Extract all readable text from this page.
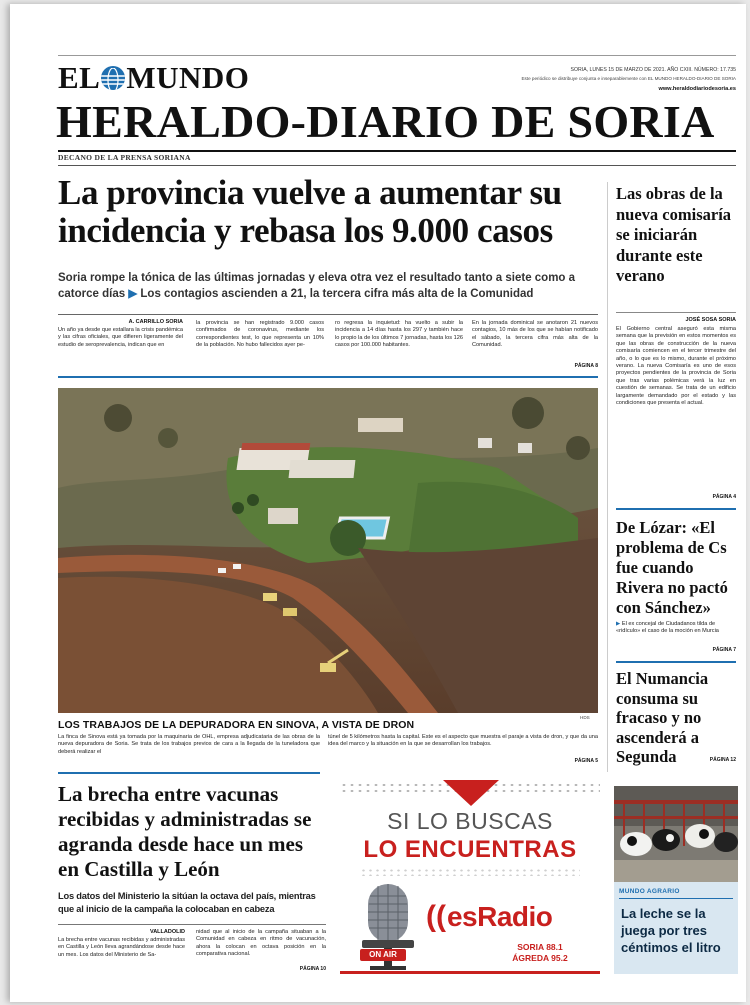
EL MUNDO	SORIA, LUNES 15 DE MARZO DE 2021. AÑO CXIII. NÚMERO: 17.735
Este periódico se distribuye conjunta e inseparablemente con EL MUNDO HERALDO-DIARIO DE SORIA
www.heraldodiariodesoria.es
HERALDO-DIARIO DE SORIA
DECANO DE LA PRENSA SORIANA
La provincia vuelve a aumentar su incidencia y rebasa los 9.000 casos
Soria rompe la tónica de las últimas jornadas y eleva otra vez el resultado tanto a siete como a catorce días ▶ Los contagios ascienden a 21, la tercera cifra más alta de la Comunidad
A. CARRILLO SORIA

Un año ya desde que estallara la crisis pandémica y las cifras oficiales, que difieren ligeramente del estudio de seroprevalencia, indican que en

la provincia se han registrado 9.000 casos confirmados de coronavirus, mediante los correspondientes test, lo que representa un 10% de la población. No hubo fallecidos ayer pe-

ro regresa la inquietud: ha vuelto a subir la incidencia a 14 días hasta los 297 y también hace lo propio la de los últimos 7 jornadas, hasta los 126 casos por 100.000 habitantes.

En la jornada dominical se anotaron 21 nuevos contagios, 10 más de los que se habían notificado el sábado, la tercera cifra más alta de la Comunidad.

PÁGINA 8
HDS
LOS TRABAJOS DE LA DEPURADORA EN SINOVA, A VISTA DE DRON

La finca de Sinova está ya tomada por la maquinaria de OHL, empresa adjudicataria de las obras de la nueva depuradora de Soria. Se trata de los trabajos previos de cara a la llegada de la tuneladora que deberá realizar el

túnel de 5 kilómetros hasta la capital. Este es el aspecto que muestra el paraje a vista de dron, y que da una idea del marco y la situación en la que se desarrollan los trabajos.

PÁGINA 5
Las obras de la nueva comisaría se iniciarán durante este verano
JOSÉ SOSA SORIA

El Gobierno central aseguró esta misma semana que la previsión en estos momentos es que las obras de construcción de la nueva comisaría comiencen en el tercer trimestre del año, o lo que es lo mismo, durante el próximo verano. La nueva Comisaría es uno de esos proyectos pendientes de la provincia de Soria que tras varias polémicas verá la luz en cuestión de semanas. Se trata de un edificio largamente demandado por el estado y las condiciones que presenta el actual.

PÁGINA 4
De Lózar: «El problema de Cs fue cuando Rivera no pactó con Sánchez»
▶ El ex concejal de Ciudadanos tilda de «ridículo» el caso de la moción en Murcia
PÁGINA 7
El Numancia consuma su fracaso y no ascenderá a Segunda	PÁGINA 12
La brecha entre vacunas recibidas y administradas se agranda desde hace un mes en Castilla y León
Los datos del Ministerio la sitúan la octava del país, mientras que al inicio de la campaña la colocaban en cabeza
VALLADOLID

La brecha entre vacunas recibidas y administradas en Castilla y León lleva agrandándose desde hace un mes. Los datos del Ministerio de Sa-

nidad que al inicio de la campaña situaban a la Comunidad en cabeza en ritmo de vacunación, ahora la colocan en octava posición en la comparativa nacional.

PÁGINA 10
SI LO BUSCAS
LO ENCUENTRAS
ON AIR
(( esRadio
SORIA 88.1
ÁGREDA 95.2
MUNDO AGRARIO
La leche se la juega por tres céntimos el litro
